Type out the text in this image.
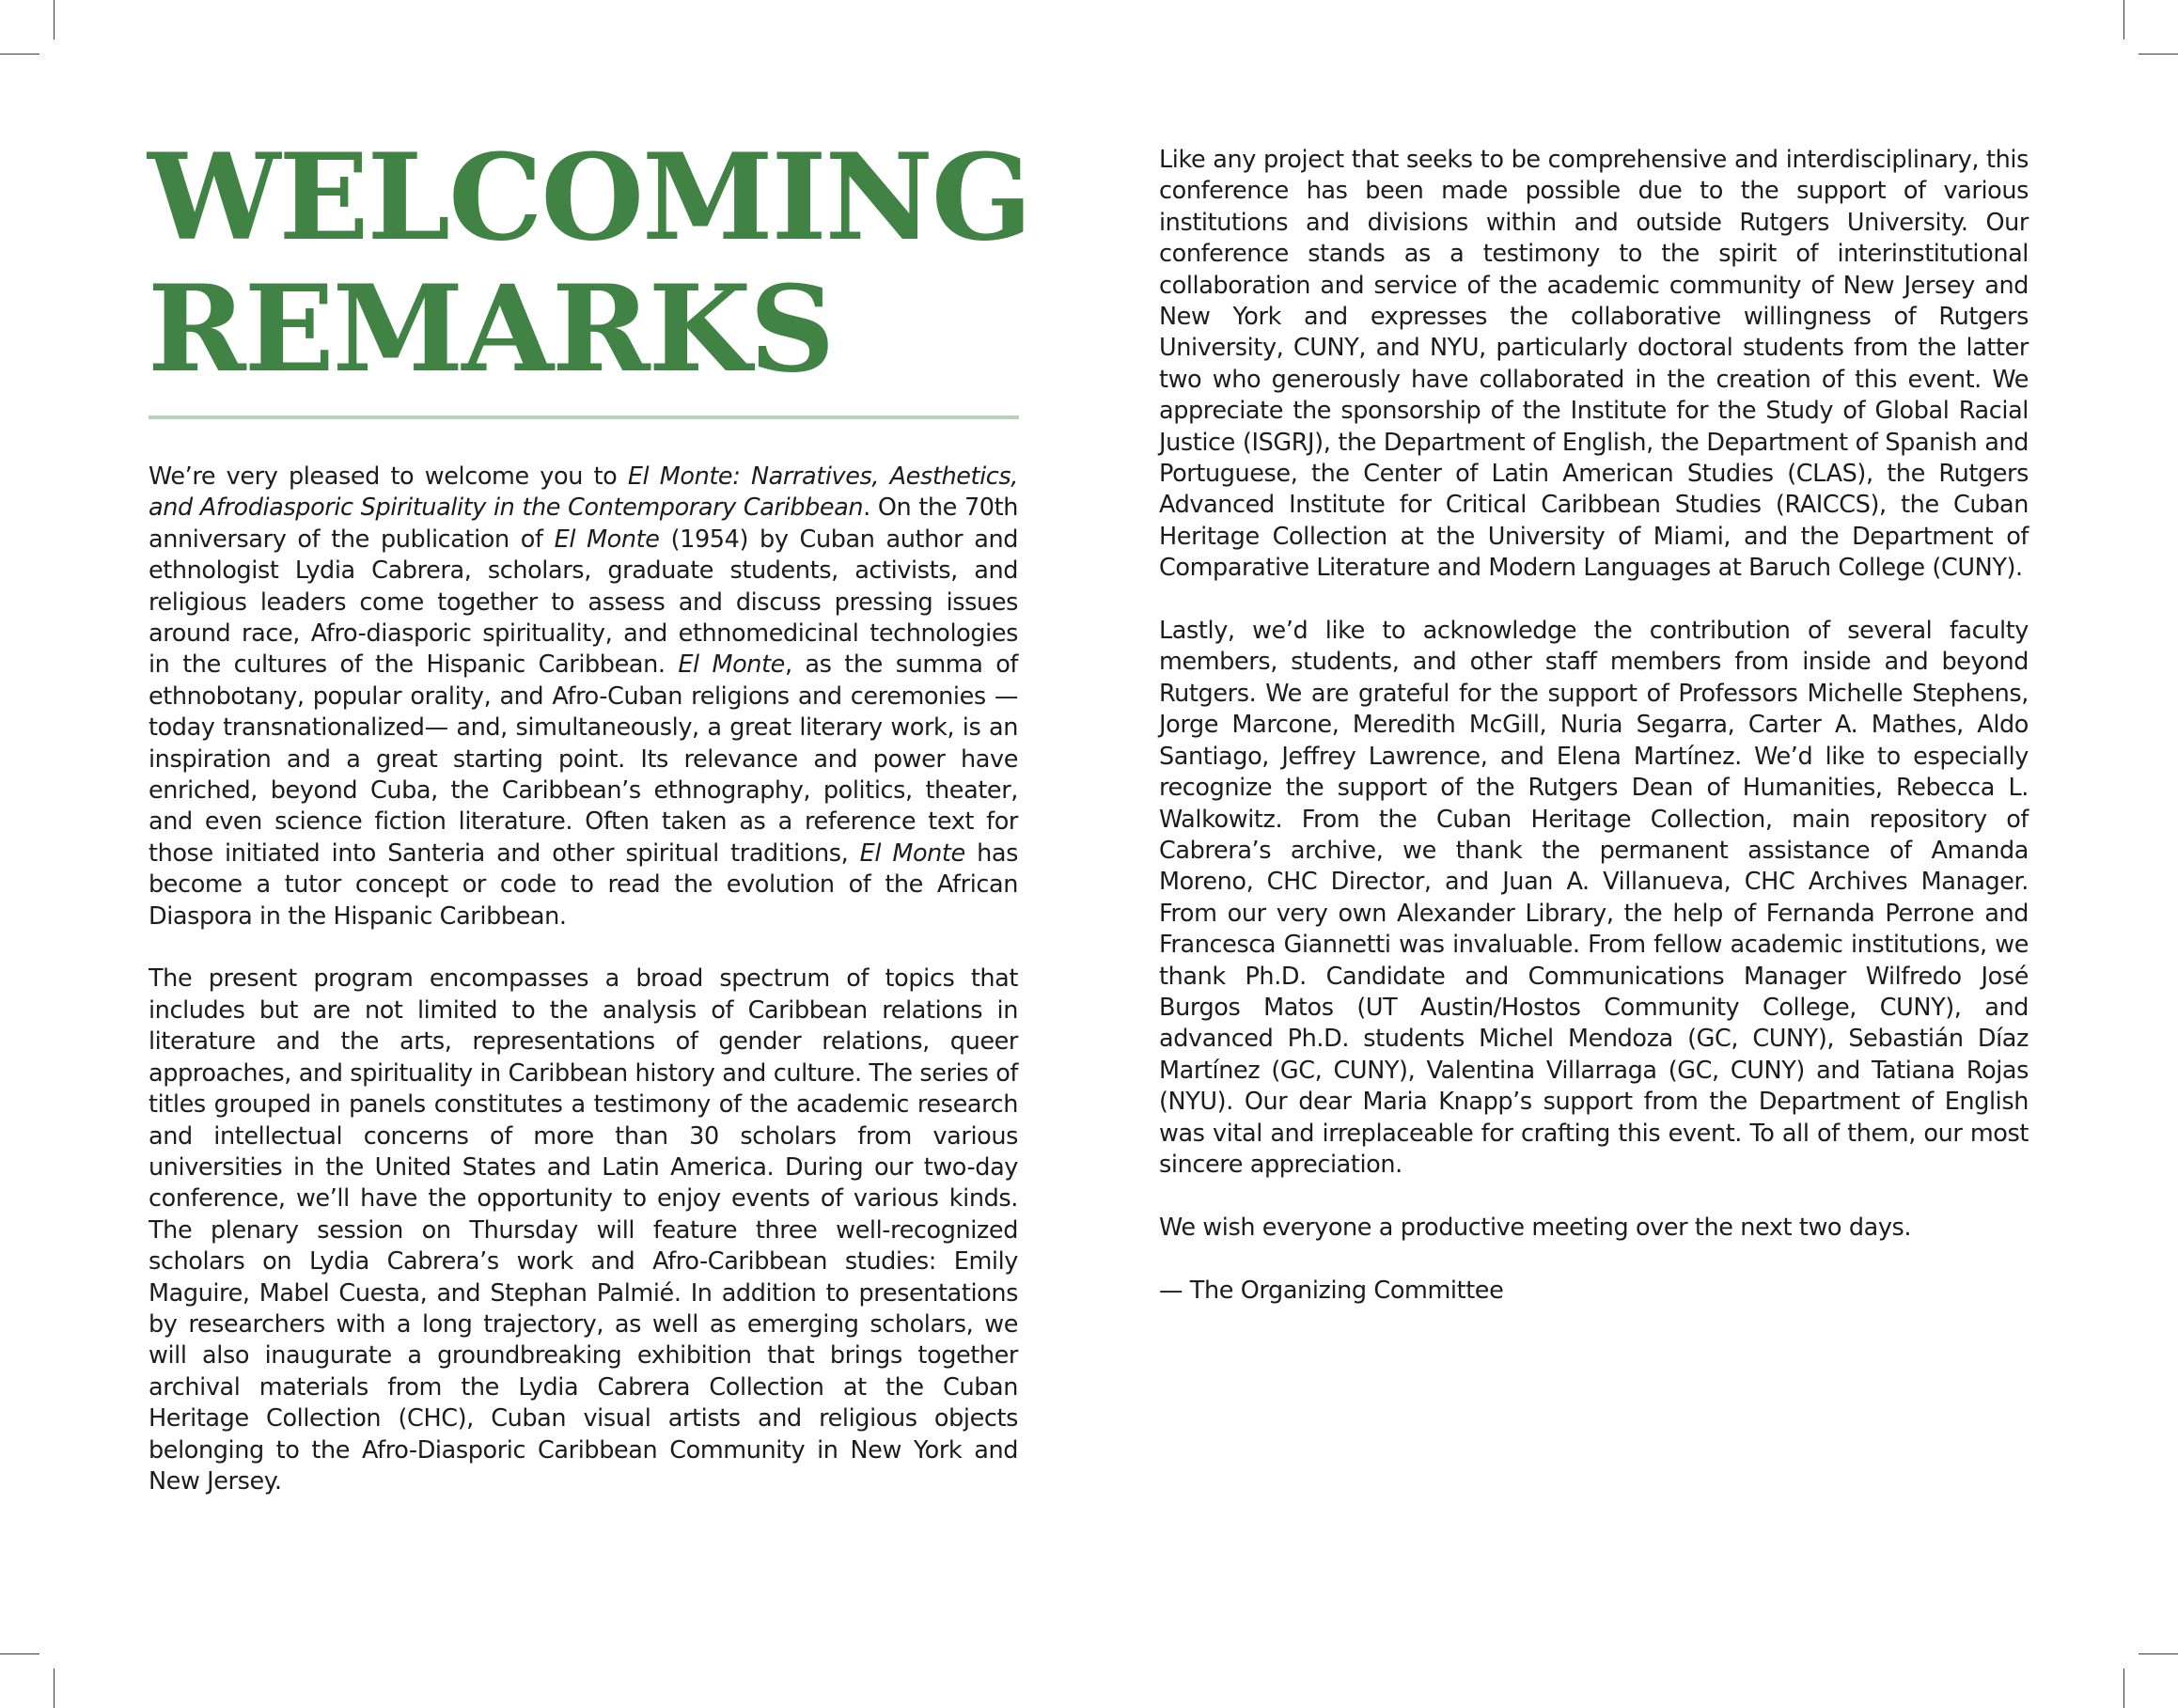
WELCOMING
REMARKS

We’re very pleased to welcome you to El Monte: Narratives, Aesthetics, and Afrodiasporic Spirituality in the Contemporary Caribbean. On the 70th anniversary of the publication of El Monte (1954) by Cuban author and ethnologist Lydia Cabrera, scholars, graduate students, activists, and religious leaders come together to assess and discuss pressing issues around race, Afro-diasporic spirituality, and ethnomedicinal technologies in the cultures of the Hispanic Caribbean. El Monte, as the summa of ethnobotany, popular orality, and Afro-Cuban religions and ceremonies —today transnationalized— and, simultaneously, a great literary work, is an inspiration and a great starting point. Its relevance and power have enriched, beyond Cuba, the Caribbean’s ethnography, politics, theater, and even science fiction literature. Often taken as a reference text for those initiated into Santeria and other spiritual traditions, El Monte has become a tutor concept or code to read the evolution of the African Diaspora in the Hispanic Caribbean.

The present program encompasses a broad spectrum of topics that includes but are not limited to the analysis of Caribbean relations in literature and the arts, representations of gender relations, queer approaches, and spirituality in Caribbean history and culture. The series of titles grouped in panels constitutes a testimony of the academic research and intellectual concerns of more than 30 scholars from various universities in the United States and Latin America. During our two-day conference, we’ll have the opportunity to enjoy events of various kinds. The plenary session on Thursday will feature three well-recognized scholars on Lydia Cabrera’s work and Afro-Caribbean studies: Emily Maguire, Mabel Cuesta, and Stephan Palmié. In addition to presentations by researchers with a long trajectory, as well as emerging scholars, we will also inaugurate a groundbreaking exhibition that brings together archival materials from the Lydia Cabrera Collection at the Cuban Heritage Collection (CHC), Cuban visual artists and religious objects belonging to the Afro-Diasporic Caribbean Community in New York and New Jersey.

Like any project that seeks to be comprehensive and interdisciplinary, this conference has been made possible due to the support of various institutions and divisions within and outside Rutgers University. Our conference stands as a testimony to the spirit of interinstitutional collaboration and service of the academic community of New Jersey and New York and expresses the collaborative willingness of Rutgers University, CUNY, and NYU, particularly doctoral students from the latter two who generously have collaborated in the creation of this event. We appreciate the sponsorship of the Institute for the Study of Global Racial Justice (ISGRJ), the Department of English, the Department of Spanish and Portuguese, the Center of Latin American Studies (CLAS), the Rutgers Advanced Institute for Critical Caribbean Studies (RAICCS), the Cuban Heritage Collection at the University of Miami, and the Department of Comparative Literature and Modern Languages at Baruch College (CUNY).

Lastly, we’d like to acknowledge the contribution of several faculty members, students, and other staff members from inside and beyond Rutgers. We are grateful for the support of Professors Michelle Stephens, Jorge Marcone, Meredith McGill, Nuria Segarra, Carter A. Mathes, Aldo Santiago, Jeffrey Lawrence, and Elena Martínez. We’d like to especially recognize the support of the Rutgers Dean of Humanities, Rebecca L. Walkowitz. From the Cuban Heritage Collection, main repository of Cabrera’s archive, we thank the permanent assistance of Amanda Moreno, CHC Director, and Juan A. Villanueva, CHC Archives Manager. From our very own Alexander Library, the help of Fernanda Perrone and Francesca Giannetti was invaluable. From fellow academic institutions, we thank Ph.D. Candidate and Communications Manager Wilfredo José Burgos Matos (UT Austin/Hostos Community College, CUNY), and advanced Ph.D. students Michel Mendoza (GC, CUNY), Sebastián Díaz Martínez (GC, CUNY), Valentina Villarraga (GC, CUNY) and Tatiana Rojas (NYU). Our dear Maria Knapp’s support from the Department of English was vital and irreplaceable for crafting this event. To all of them, our most sincere appreciation.

We wish everyone a productive meeting over the next two days.

— The Organizing Committee
